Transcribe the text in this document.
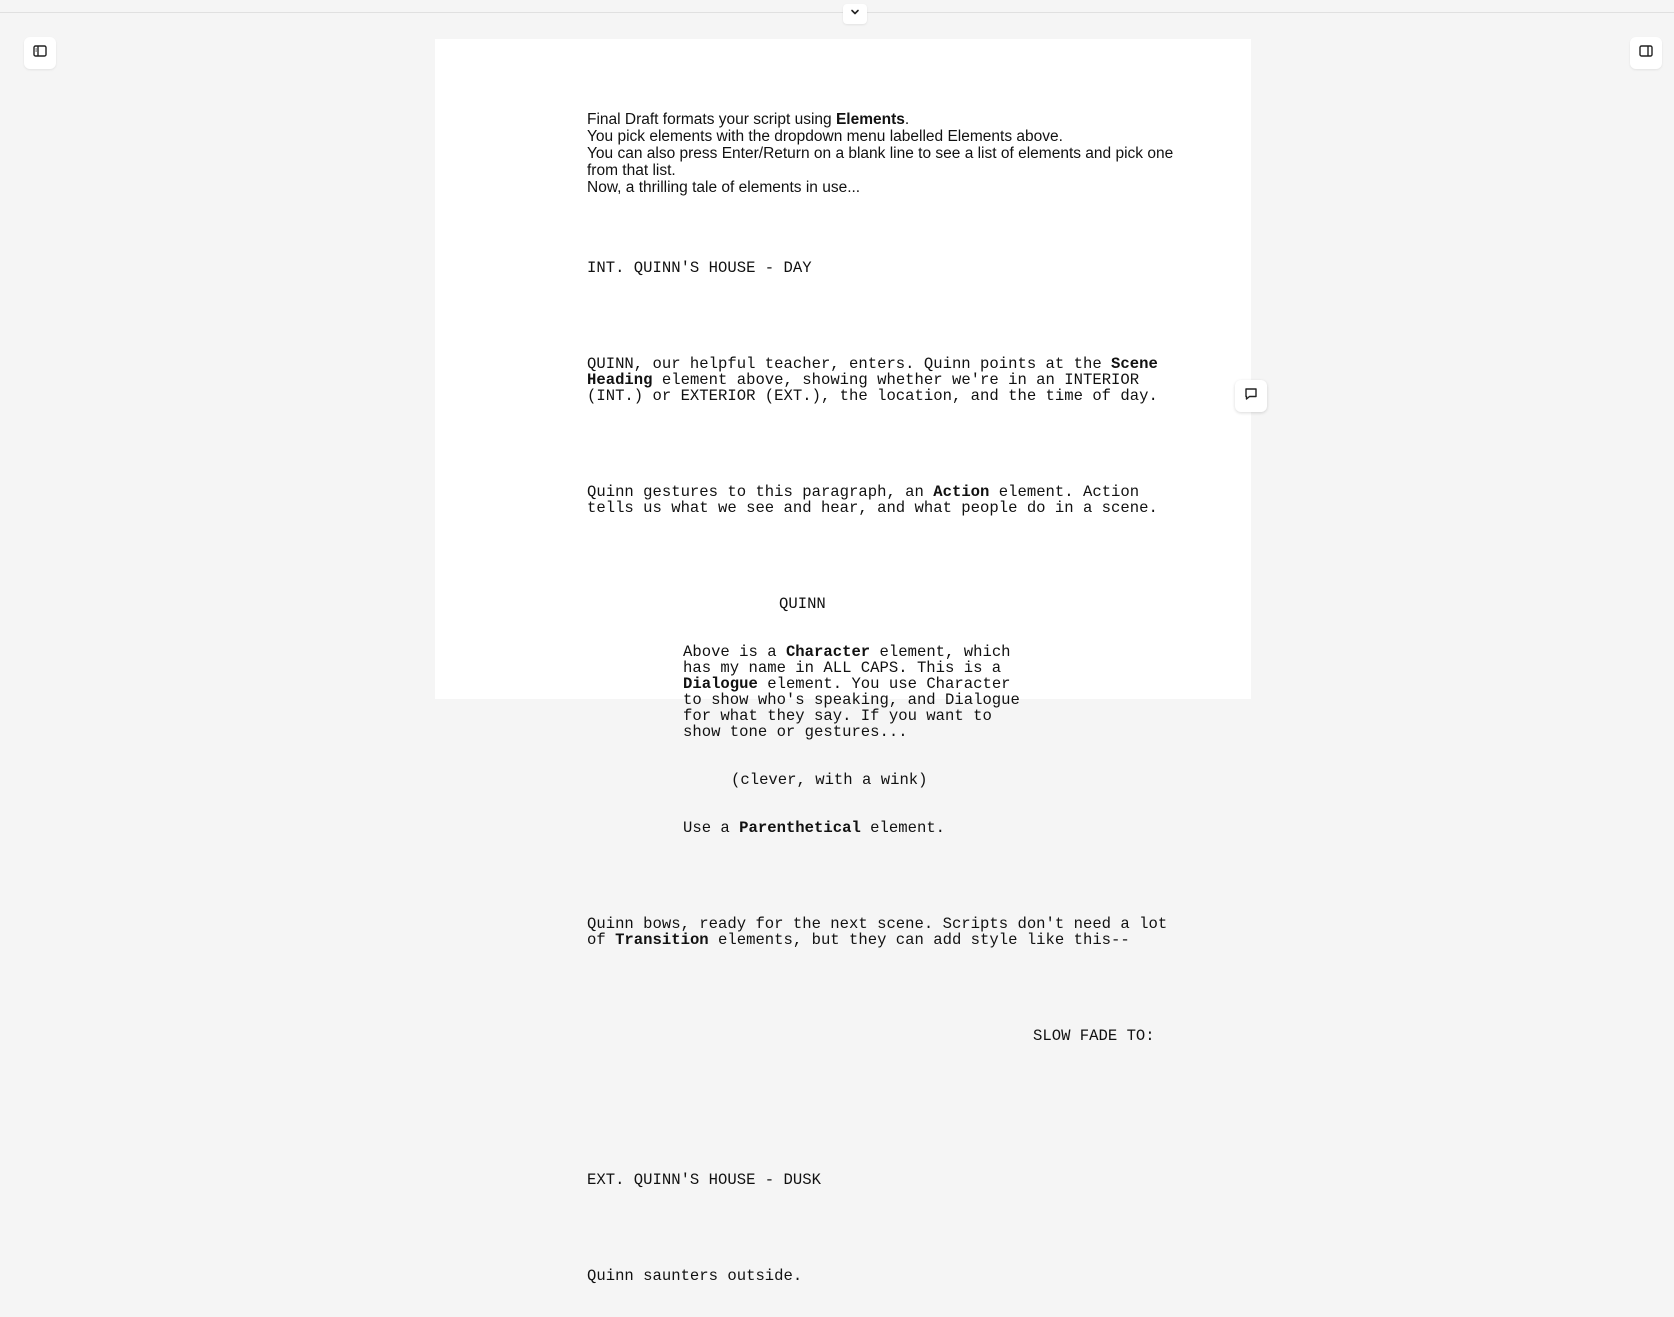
Final Draft formats your script using Elements.

You pick elements with the dropdown menu labelled Elements above.

You can also press Enter/Return on a blank line to see a list of elements and pick one from that list.

Now, a thrilling tale of elements in use...

INT. QUINN'S HOUSE - DAY

QUINN, our helpful teacher, enters. Quinn points at the Scene
Heading element above, showing whether we're in an INTERIOR
(INT.) or EXTERIOR (EXT.), the location, and the time of day.

Quinn gestures to this paragraph, an Action element. Action
tells us what we see and hear, and what people do in a scene.

QUINN

Above is a Character element, which
has my name in ALL CAPS. This is a
Dialogue element. You use Character
to show who's speaking, and Dialogue
for what they say. If you want to
show tone or gestures...

(clever, with a wink)

Use a Parenthetical element.

Quinn bows, ready for the next scene. Scripts don't need a lot
of Transition elements, but they can add style like this--

SLOW FADE TO:

EXT. QUINN'S HOUSE - DUSK

Quinn saunters outside.
